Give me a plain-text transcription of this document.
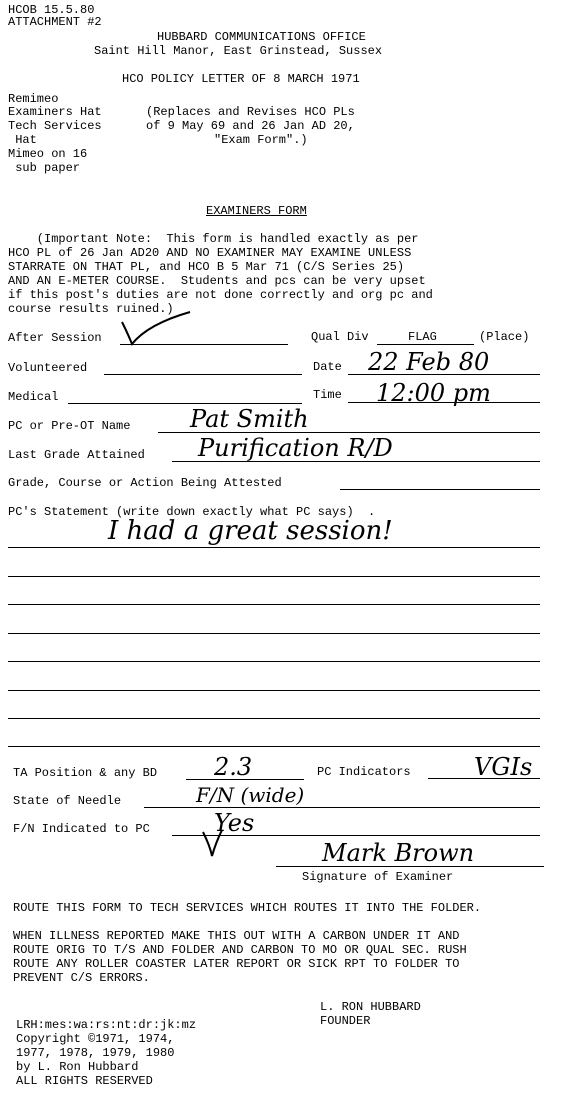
HCOB 15.5.80
ATTACHMENT #2
HUBBARD COMMUNICATIONS OFFICE
Saint Hill Manor, East Grinstead, Sussex
HCO POLICY LETTER OF 8 MARCH 1971
Remimeo
Examiners Hat
Tech Services
Hat
Mimeo on 16
sub paper
(Replaces and Revises HCO PLs
of 9 May 69 and 26 Jan AD 20,
"Exam Form".)
EXAMINERS FORM
(Important Note:  This form is handled exactly as per
HCO PL of 26 Jan AD20 AND NO EXAMINER MAY EXAMINE UNLESS
STARRATE ON THAT PL, and HCO B 5 Mar 71 (C/S Series 25)
AND AN E-METER COURSE.  Students and pcs can be very upset
if this post's duties are not done correctly and org pc and
course results ruined.)
After Session	Qual Div	FLAG	(Place)
Volunteered	Date 22 Feb 80
Medical	Time 12:00 pm
PC or Pre-OT Name Pat Smith
Last Grade Attained Purification R/D
Grade, Course or Action Being Attested
PC's Statement (write down exactly what PC says)  .
I had a great session!
TA Position & any BD 2.3	PC Indicators	VGIs
State of Needle	F/N (wide)
F/N Indicated to PC	Yes
Mark Brown
Signature of Examiner
ROUTE THIS FORM TO TECH SERVICES WHICH ROUTES IT INTO THE FOLDER.
WHEN ILLNESS REPORTED MAKE THIS OUT WITH A CARBON UNDER IT AND
ROUTE ORIG TO T/S AND FOLDER AND CARBON TO MO OR QUAL SEC. RUSH
ROUTE ANY ROLLER COASTER LATER REPORT OR SICK RPT TO FOLDER TO
PREVENT C/S ERRORS.
L. RON HUBBARD
FOUNDER
LRH:mes:wa:rs:nt:dr:jk:mz
Copyright ©1971, 1974,
1977, 1978, 1979, 1980
by L. Ron Hubbard
ALL RIGHTS RESERVED
